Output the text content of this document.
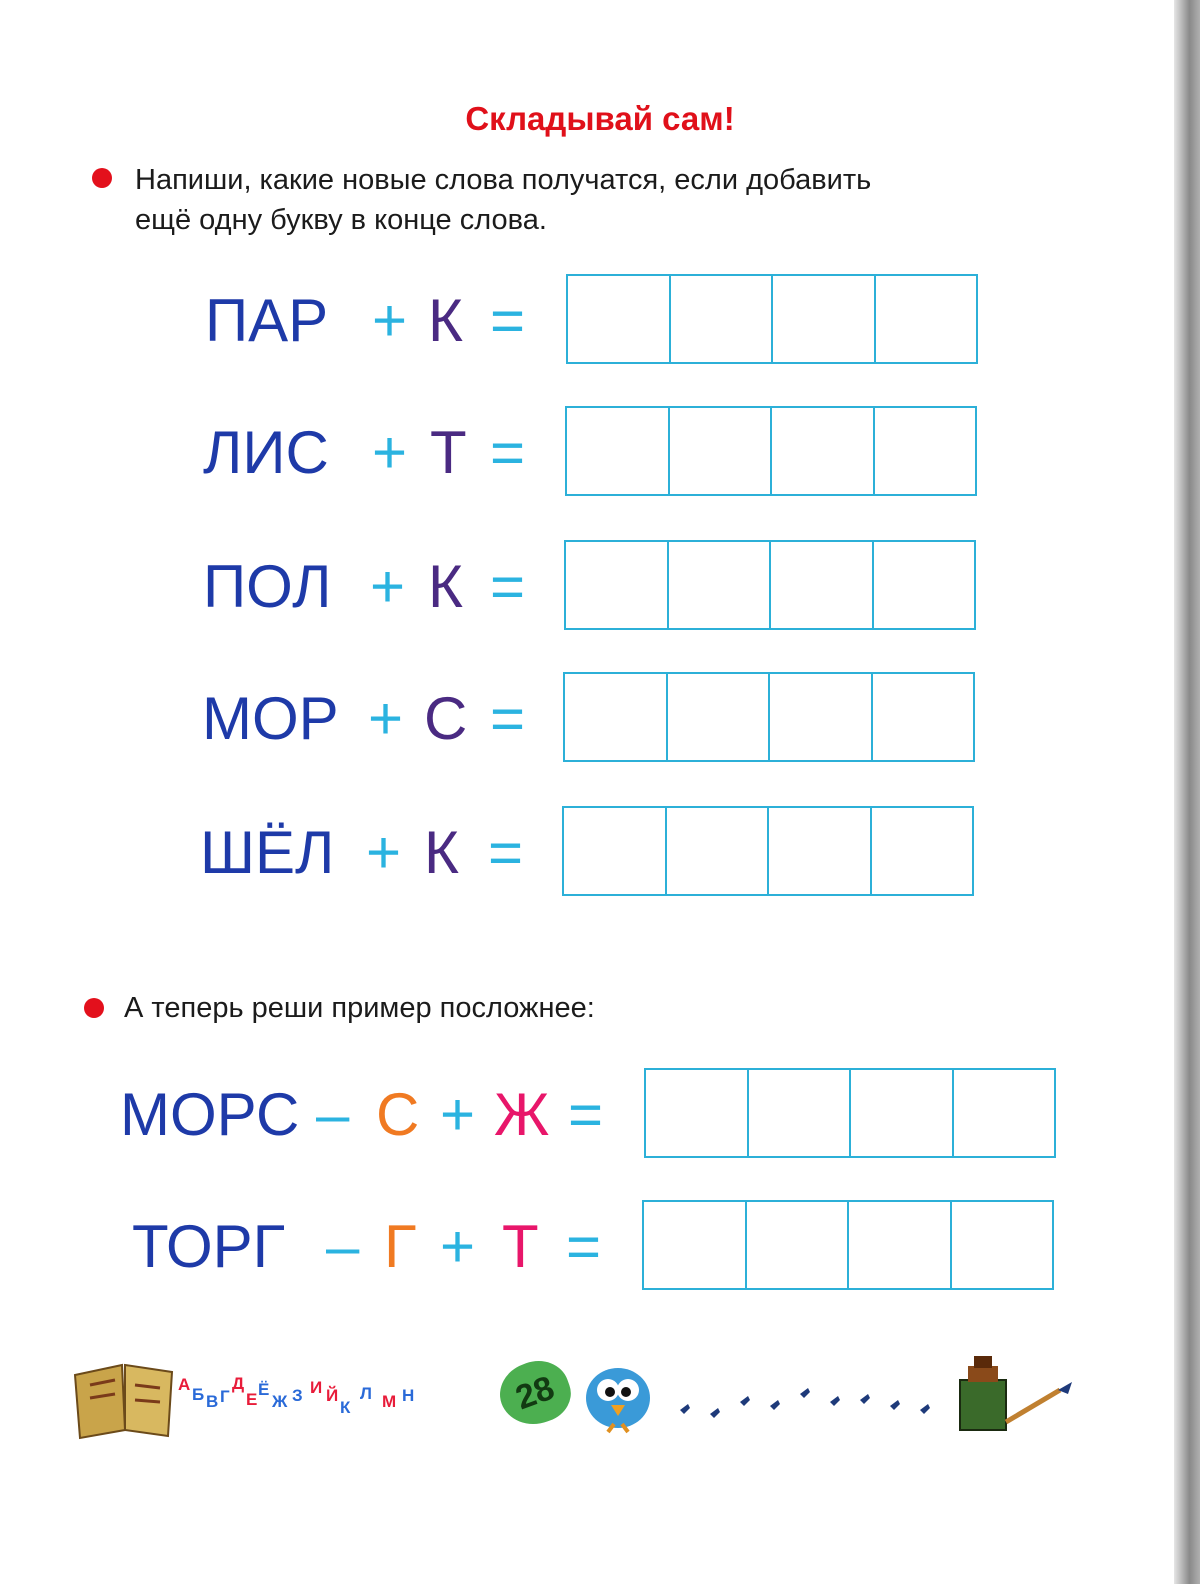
Складывай сам!
Напиши, какие новые слова получатся, если добавить
ещё одну букву в конце слова.
ПАР + К =
ЛИС + Т =
ПОЛ + К =
МОР + С =
ШЁЛ + К =
А теперь реши пример посложнее:
МОРС – С + Ж =
ТОРГ – Г + Т =
А
Б В Г
Д
Е
Ё
Ж З И Й
К
Л М Н	28
